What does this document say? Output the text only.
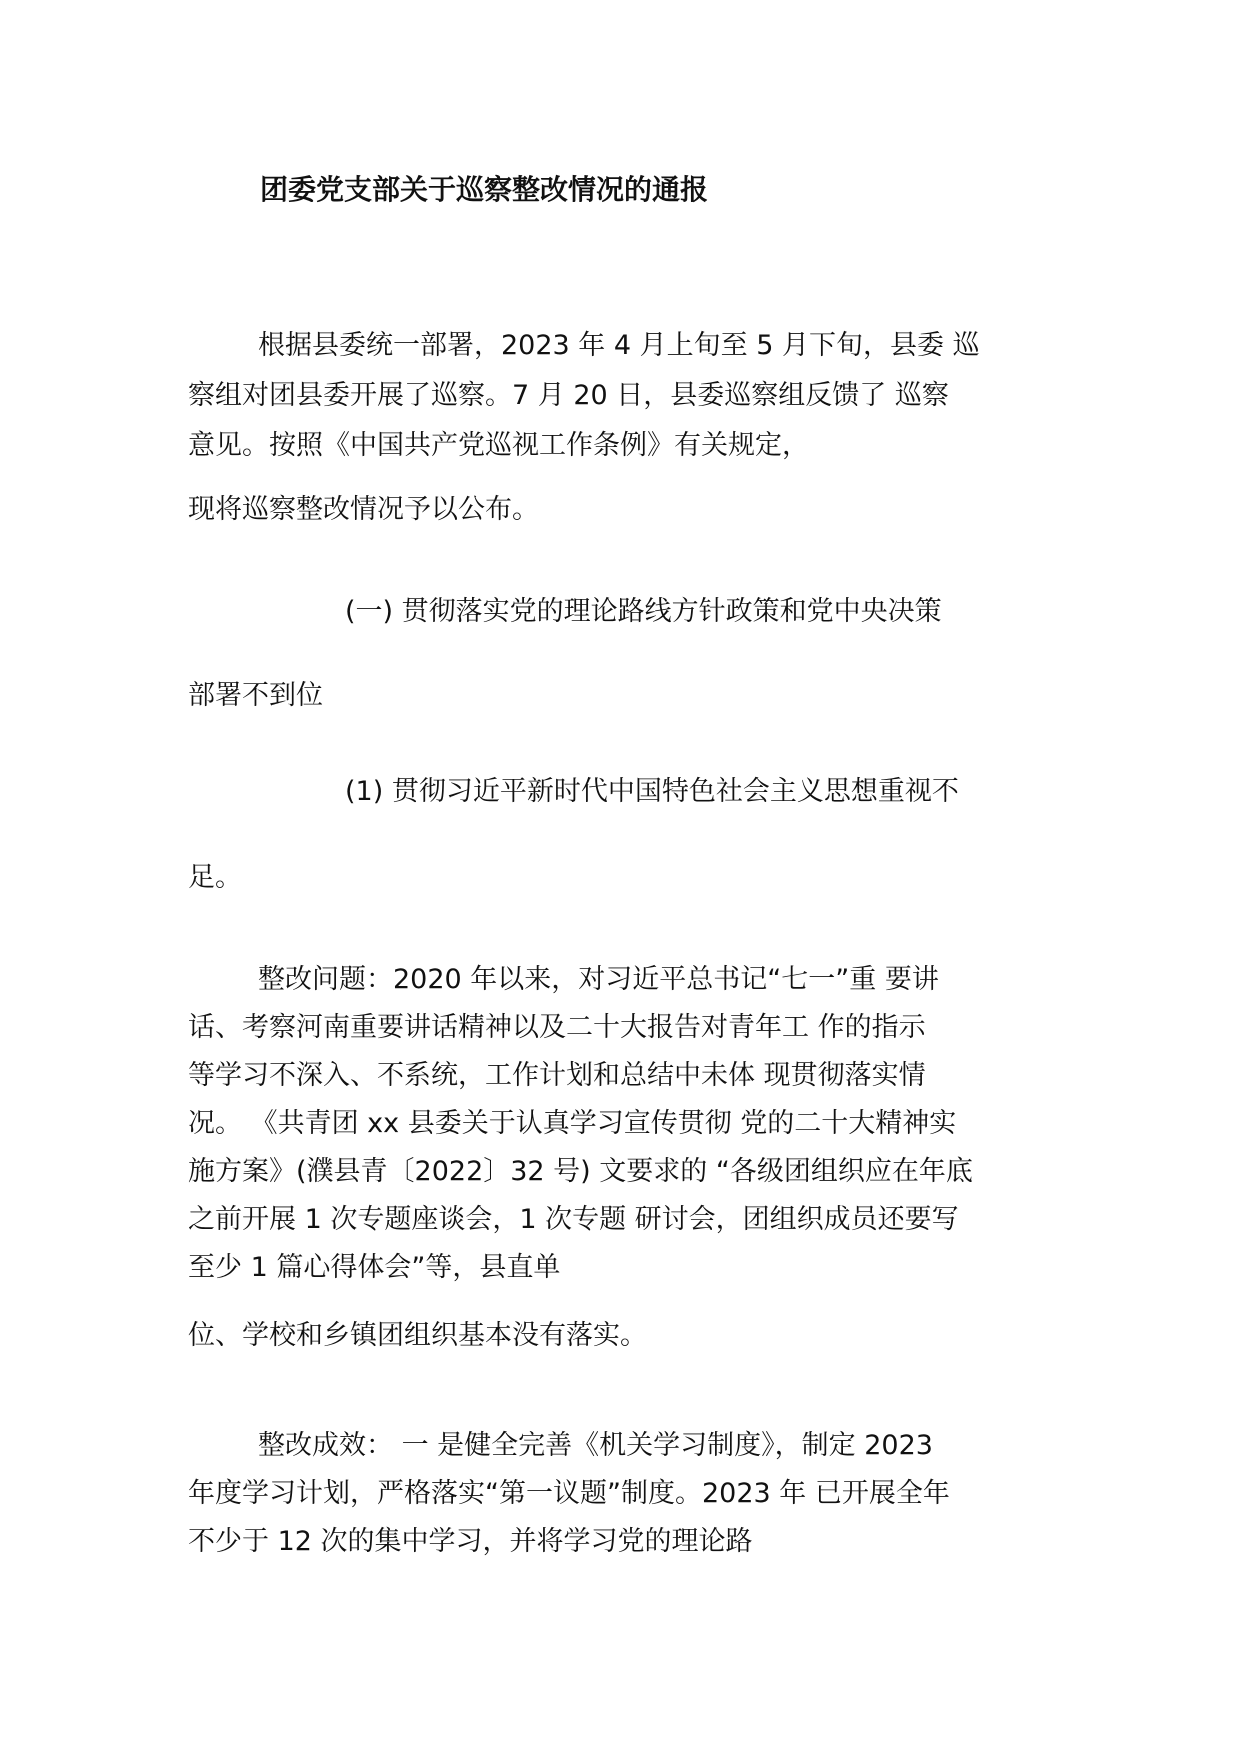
团委党支部关于巡察整改情况的通报
根据县委统一部署，2023 年 4 月上旬至 5 月下旬，县委 巡
察组对团县委开展了巡察。7 月 20 日，县委巡察组反馈了 巡察
意见。按照《中国共产党巡视工作条例》有关规定，
现将巡察整改情况予以公布。
(一) 贯彻落实党的理论路线方针政策和党中央决策
部署不到位
(1) 贯彻习近平新时代中国特色社会主义思想重视不
足。
整改问题：2020 年以来，对习近平总书记“七一”重 要讲
话、考察河南重要讲话精神以及二十大报告对青年工 作的指示
等学习不深入、不系统，工作计划和总结中未体 现贯彻落实情
况。 《共青团 xx 县委关于认真学习宣传贯彻 党的二十大精神实
施方案》(濮县青〔2022〕32 号) 文要求的 “各级团组织应在年底
之前开展 1 次专题座谈会，1 次专题 研讨会，团组织成员还要写
至少 1 篇心得体会”等，县直单
位、学校和乡镇团组织基本没有落实。
整改成效： 一 是健全完善《机关学习制度》，制定 2023
年度学习计划，严格落实“第一议题”制度。2023 年 已开展全年
不少于 12 次的集中学习，并将学习党的理论路
